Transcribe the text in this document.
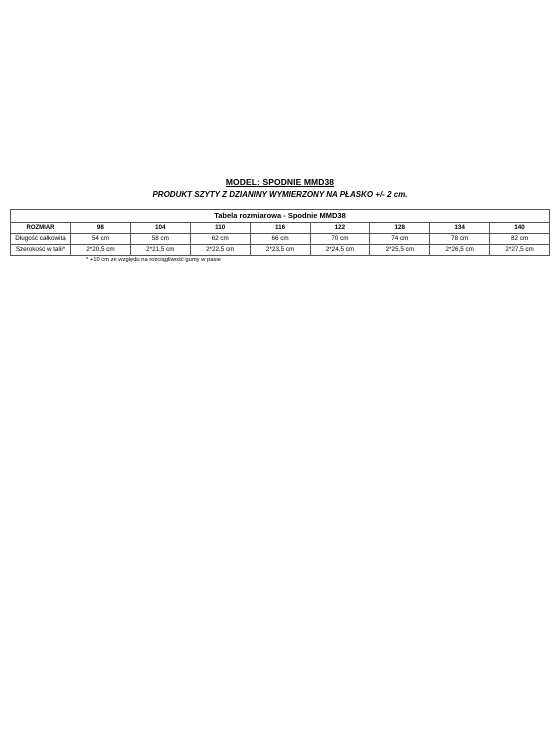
MODEL: SPODNIE MMD38
PRODUKT SZYTY Z DZIANINY WYMIERZONY NA PŁASKO +/- 2 cm.
Tabela rozmiarowa - Spodnie MMD38								
ROZMIAR	98	104	110	116	122	128	134	140
Długość całkowita	54 cm	58 cm	62 cm	66 cm	70 cm	74 cm	78 cm	82 cm
Szerokość w talii*	2*20,5 cm	2*21,5 cm	2*22,5 cm	2*23,5 cm	2*24,5 cm	2*25,5 cm	2*26,5 cm	2*27,5 cm
* +10 cm ze względu na rozciągliwość gumy w pasie
